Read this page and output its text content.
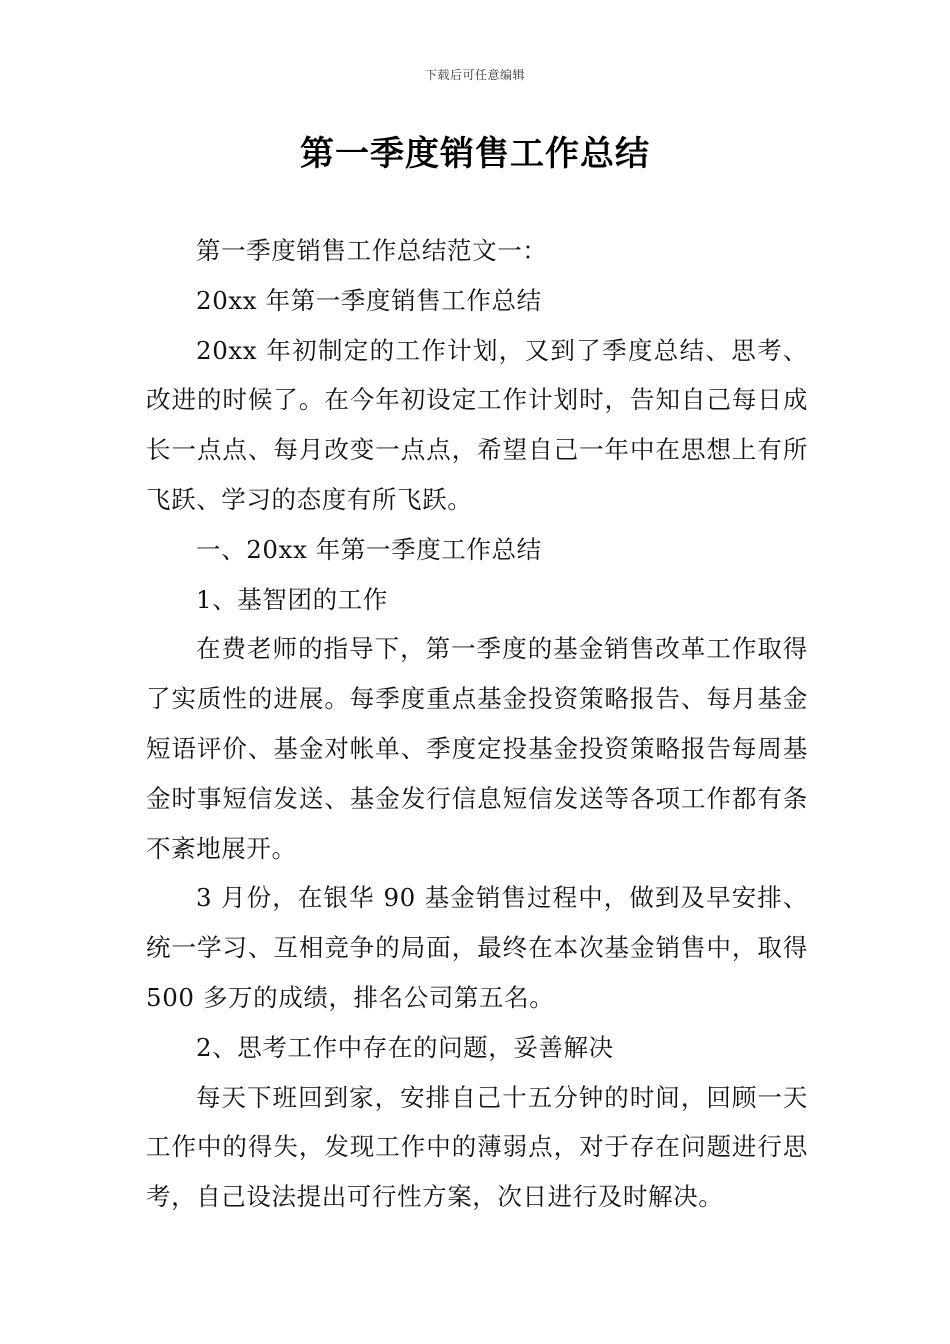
下载后可任意编辑
第一季度销售工作总结

第一季度销售工作总结范文一：

20xx 年第一季度销售工作总结

20xx 年初制定的工作计划，又到了季度总结、思考、改进的时候了。在今年初设定工作计划时，告知自己每日成长一点点、每月改变一点点，希望自己一年中在思想上有所飞跃、学习的态度有所飞跃。

一、20xx 年第一季度工作总结

1、基智团的工作

在费老师的指导下，第一季度的基金销售改革工作取得了实质性的进展。每季度重点基金投资策略报告、每月基金短语评价、基金对帐单、季度定投基金投资策略报告每周基金时事短信发送、基金发行信息短信发送等各项工作都有条不紊地展开。

3 月份，在银华 90 基金销售过程中，做到及早安排、统一学习、互相竞争的局面，最终在本次基金销售中，取得 500 多万的成绩，排名公司第五名。

2、思考工作中存在的问题，妥善解决

每天下班回到家，安排自己十五分钟的时间，回顾一天工作中的得失，发现工作中的薄弱点，对于存在问题进行思考，自己设法提出可行性方案，次日进行及时解决。
